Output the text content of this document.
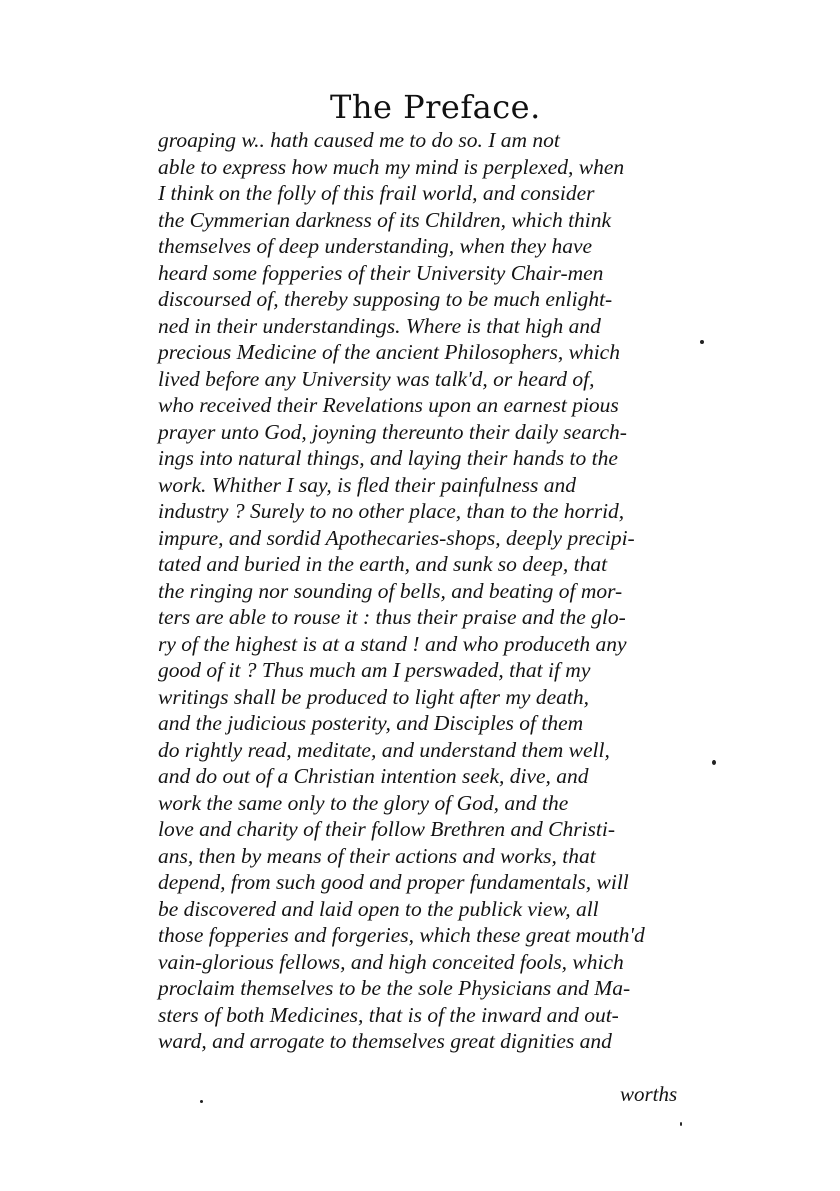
The Preface.
groaping w.. hath caused me to do so. I am not
able to express how much my mind is perplexed, when
I think on the folly of this frail world, and consider
the Cymmerian darkness of its Children, which think
themselves of deep understanding, when they have
heard some fopperies of their University Chair-men
discoursed of, thereby supposing to be much enlight-
ned in their understandings. Where is that high and
precious Medicine of the ancient Philosophers, which
lived before any University was talk'd, or heard of,
who received their Revelations upon an earnest pious
prayer unto God, joyning thereunto their daily search-
ings into natural things, and laying their hands to the
work. Whither I say, is fled their painfulness and
industry ? Surely to no other place, than to the horrid,
impure, and sordid Apothecaries-shops, deeply precipi-
tated and buried in the earth, and sunk so deep, that
the ringing nor sounding of bells, and beating of mor-
ters are able to rouse it : thus their praise and the glo-
ry of the highest is at a stand ! and who produceth any
good of it ? Thus much am I perswaded, that if my
writings shall be produced to light after my death,
and the judicious posterity, and Disciples of them
do rightly read, meditate, and understand them well,
and do out of a Christian intention seek, dive, and
work the same only to the glory of God, and the
love and charity of their follow Brethren and Christi-
ans, then by means of their actions and works, that
depend, from such good and proper fundamentals, will
be discovered and laid open to the publick view, all
those fopperies and forgeries, which these great mouth'd
vain-glorious fellows, and high conceited fools, which
proclaim themselves to be the sole Physicians and Ma-
sters of both Medicines, that is of the inward and out-
ward, and arrogate to themselves great dignities and
worths
